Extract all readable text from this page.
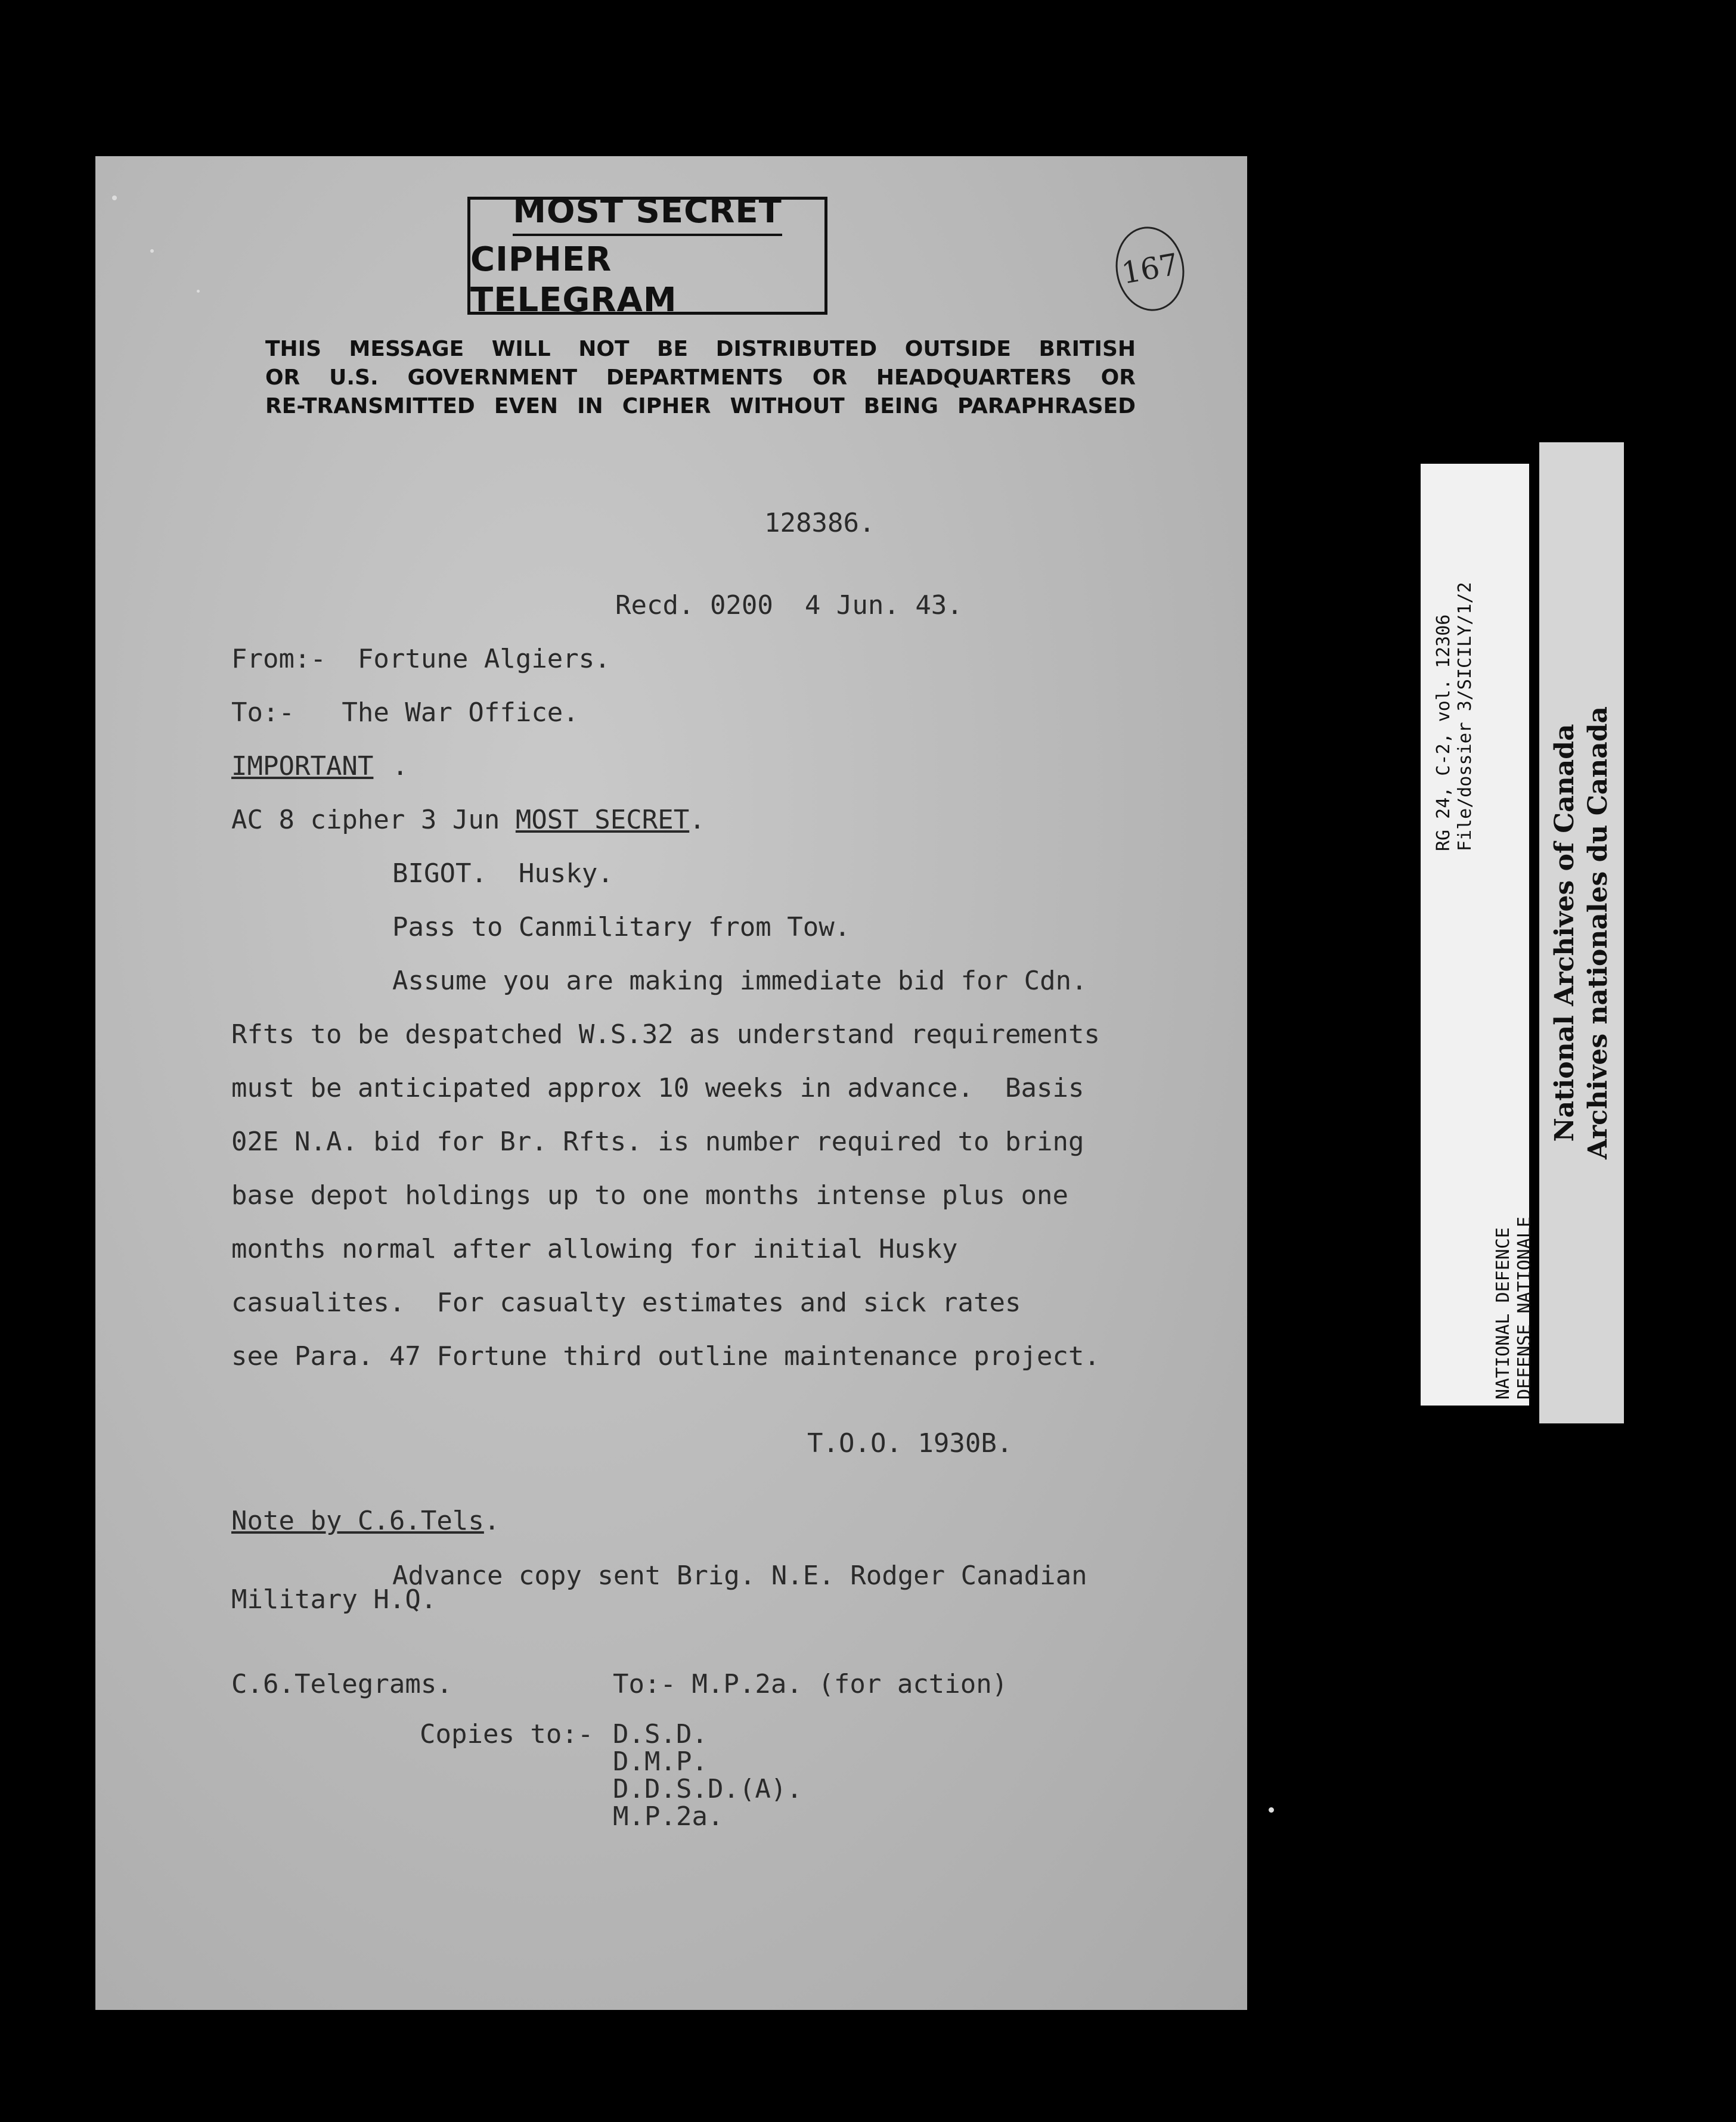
MOST SECRET
CIPHER TELEGRAM
167
THIS MESSAGE WILL NOT BE DISTRIBUTED OUTSIDE BRITISH
OR U.S. GOVERNMENT DEPARTMENTS OR HEADQUARTERS OR
RE-TRANSMITTED EVEN IN CIPHER WITHOUT BEING PARAPHRASED
128386.
Recd. 0200  4 Jun. 43.
From:-  Fortune Algiers.
To:-   The War Office.
IMPORTANT .
AC 8 cipher 3 Jun MOST SECRET.
BIGOT.  Husky.
Pass to Canmilitary from Tow.
Assume you are making immediate bid for Cdn.
Rfts to be despatched W.S.32 as understand requirements
must be anticipated approx 10 weeks in advance.  Basis
02E N.A. bid for Br. Rfts. is number required to bring
base depot holdings up to one months intense plus one
months normal after allowing for initial Husky
casualites.  For casualty estimates and sick rates
see Para. 47 Fortune third outline maintenance project.
T.O.O. 1930B.
Note by C.6.Tels.
Advance copy sent Brig. N.E. Rodger Canadian
Military H.Q.
C.6.Telegrams.	To:- M.P.2a. (for action)
Copies to:- D.S.D.
D.M.P.
D.D.S.D.(A).
M.P.2a.
RG 24, C-2, vol. 12306 File/dossier 3/SICILY/1/2
NATIONAL DEFENCE DEFENSE NATIONALE
National Archives of Canada Archives nationales du Canada
